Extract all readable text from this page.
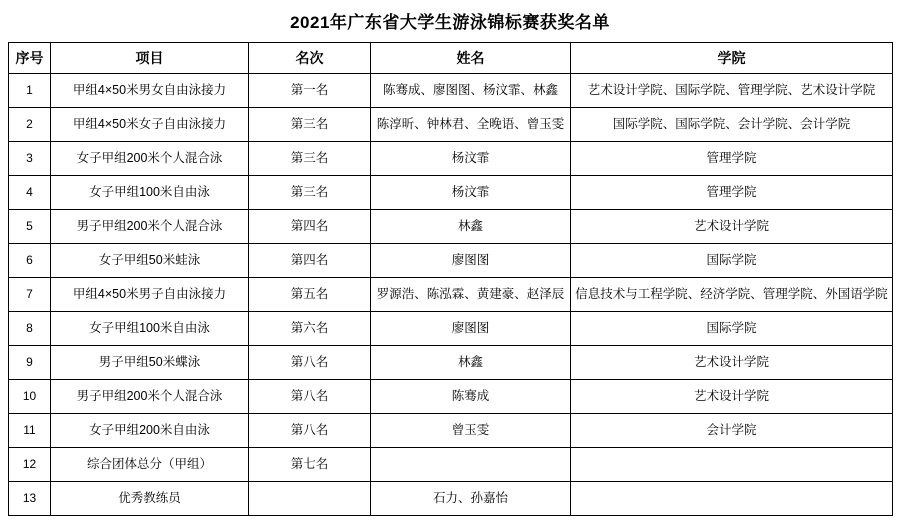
2021年广东省大学生游泳锦标赛获奖名单
序号	项目	名次	姓名	学院
1	甲组4×50米男女自由泳接力	第一名	陈骞成、廖图图、杨汶霏、林鑫	艺术设计学院、国际学院、管理学院、艺术设计学院
2	甲组4×50米女子自由泳接力	第三名	陈淳昕、钟林君、全晚语、曾玉雯	国际学院、国际学院、会计学院、会计学院
3	女子甲组200米个人混合泳	第三名	杨汶霏	管理学院
4	女子甲组100米自由泳	第三名	杨汶霏	管理学院
5	男子甲组200米个人混合泳	第四名	林鑫	艺术设计学院
6	女子甲组50米蛙泳	第四名	廖图图	国际学院
7	甲组4×50米男子自由泳接力	第五名	罗源浩、陈泓霖、黄建豪、赵泽辰	信息技术与工程学院、经济学院、管理学院、外国语学院
8	女子甲组100米自由泳	第六名	廖图图	国际学院
9	男子甲组50米蝶泳	第八名	林鑫	艺术设计学院
10	男子甲组200米个人混合泳	第八名	陈骞成	艺术设计学院
11	女子甲组200米自由泳	第八名	曾玉雯	会计学院
12	综合团体总分（甲组）	第七名		
13	优秀教练员		石力、孙嘉怡	
